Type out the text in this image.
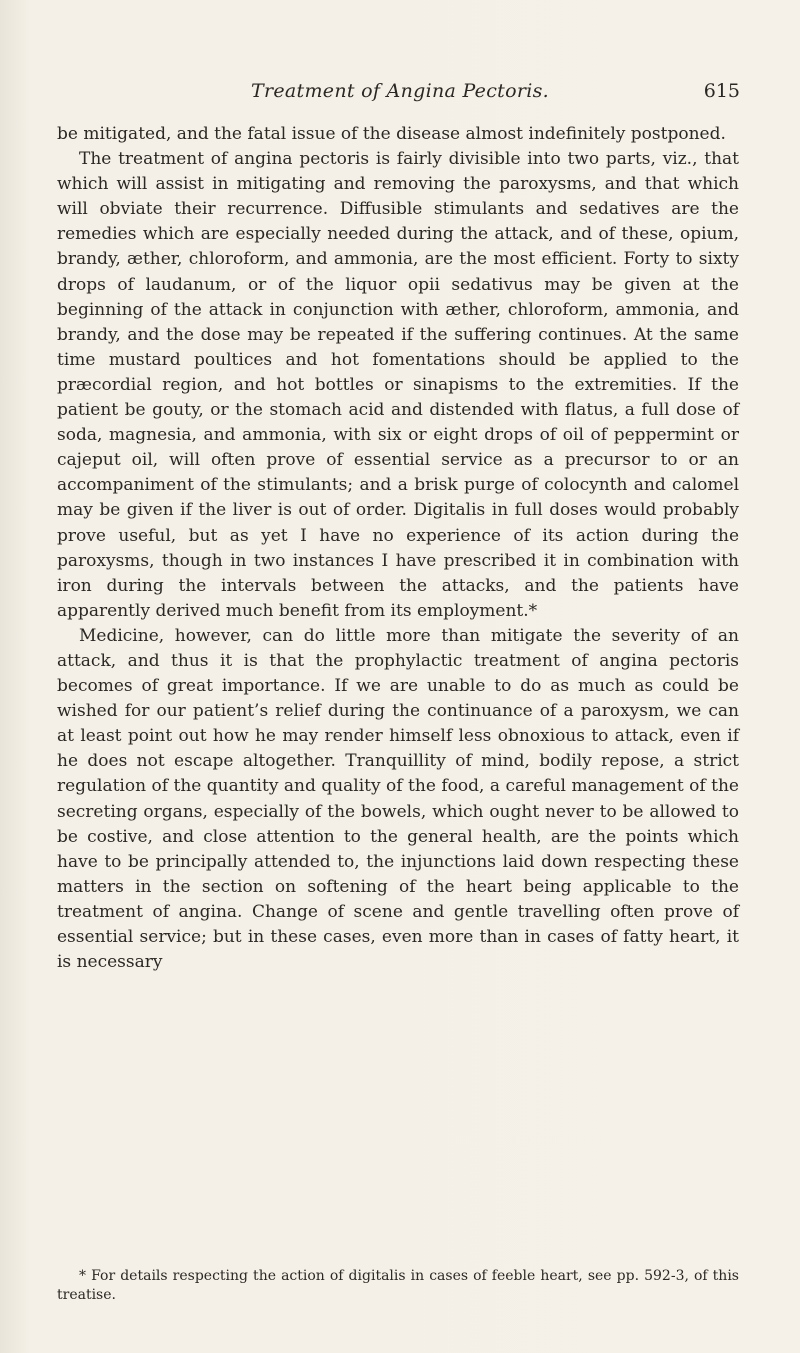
Treatment of Angina Pectoris.	615

be mitigated, and the fatal issue of the disease almost indefinitely postponed.

The treatment of angina pectoris is fairly divisible into two parts, viz., that which will assist in mitigating and removing the paroxysms, and that which will obviate their recurrence. Diffusible stimulants and sedatives are the remedies which are especially needed during the attack, and of these, opium, brandy, æther, chloroform, and ammonia, are the most efficient. Forty to sixty drops of laudanum, or of the liquor opii sedativus may be given at the beginning of the attack in conjunction with æther, chloroform, ammonia, and brandy, and the dose may be repeated if the suffering continues. At the same time mustard poultices and hot fomentations should be applied to the præcordial region, and hot bottles or sinapisms to the extremities. If the patient be gouty, or the stomach acid and distended with flatus, a full dose of soda, magnesia, and ammonia, with six or eight drops of oil of peppermint or cajeput oil, will often prove of essential service as a precursor to or an accompaniment of the stimulants; and a brisk purge of colocynth and calomel may be given if the liver is out of order. Digitalis in full doses would probably prove useful, but as yet I have no experience of its action during the paroxysms, though in two instances I have prescribed it in combination with iron during the intervals between the attacks, and the patients have apparently derived much benefit from its employment.*

Medicine, however, can do little more than mitigate the severity of an attack, and thus it is that the prophylactic treatment of angina pectoris becomes of great importance. If we are unable to do as much as could be wished for our patient’s relief during the continuance of a paroxysm, we can at least point out how he may render himself less obnoxious to attack, even if he does not escape altogether. Tranquillity of mind, bodily repose, a strict regulation of the quantity and quality of the food, a careful management of the secreting organs, especially of the bowels, which ought never to be allowed to be costive, and close attention to the general health, are the points which have to be principally attended to, the injunctions laid down respecting these matters in the section on softening of the heart being applicable to the treatment of angina. Change of scene and gentle travelling often prove of essential service; but in these cases, even more than in cases of fatty heart, it is necessary

* For details respecting the action of digitalis in cases of feeble heart, see pp. 592-3, of this treatise.
